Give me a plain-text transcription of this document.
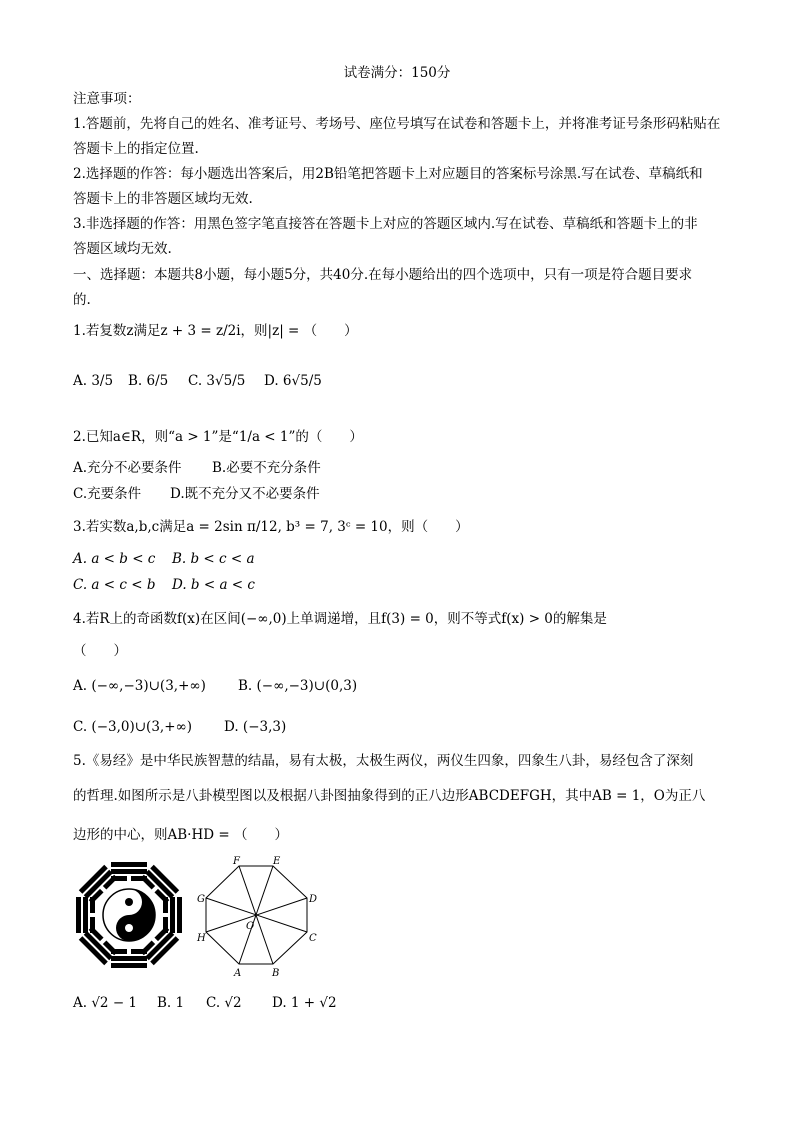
试卷满分：150分
注意事项：
1.答题前，先将自己的姓名、准考证号、考场号、座位号填写在试卷和答题卡上，并将准考证号条形码粘贴在
答题卡上的指定位置.
2.选择题的作答：每小题选出答案后，用2B铅笔把答题卡上对应题目的答案标号涂黑.写在试卷、草稿纸和
答题卡上的非答题区域均无效.
3.非选择题的作答：用黑色签字笔直接答在答题卡上对应的答题区域内.写在试卷、草稿纸和答题卡上的非
答题区域均无效.
一、选择题：本题共8小题，每小题5分，共40分.在每小题给出的四个选项中，只有一项是符合题目要求
的.
1.若复数z满足z + 3 = z/2i，则|z| = （　　）
A. 3/5 B. 6/5 C. 3√5/5 D. 6√5/5
2.已知a∈R，则“a > 1”是“1/a < 1”的（　　）
A.充分不必要条件 B.必要不充分条件
C.充要条件 D.既不充分又不必要条件
3.若实数a,b,c满足a = 2sin π/12, b³ = 7, 3ᶜ = 10，则（　　）
A. a < b < c B. b < c < a
C. a < c < b D. b < a < c
4.若R上的奇函数f(x)在区间(−∞,0)上单调递增，且f(3) = 0，则不等式f(x) > 0的解集是
（　　）
A. (−∞,−3)∪(3,+∞) B. (−∞,−3)∪(0,3)
C. (−3,0)∪(3,+∞) D. (−3,3)
5.《易经》是中华民族智慧的结晶，易有太极，太极生两仪，两仪生四象，四象生八卦，易经包含了深刻
的哲理.如图所示是八卦模型图以及根据八卦图抽象得到的正八边形ABCDEFGH，其中AB = 1，O为正八
边形的中心，则AB·HD = （　　）
A	B
C
D
E
F
G
H
O
A. √2 − 1 B. 1 C. √2 D. 1 + √2
